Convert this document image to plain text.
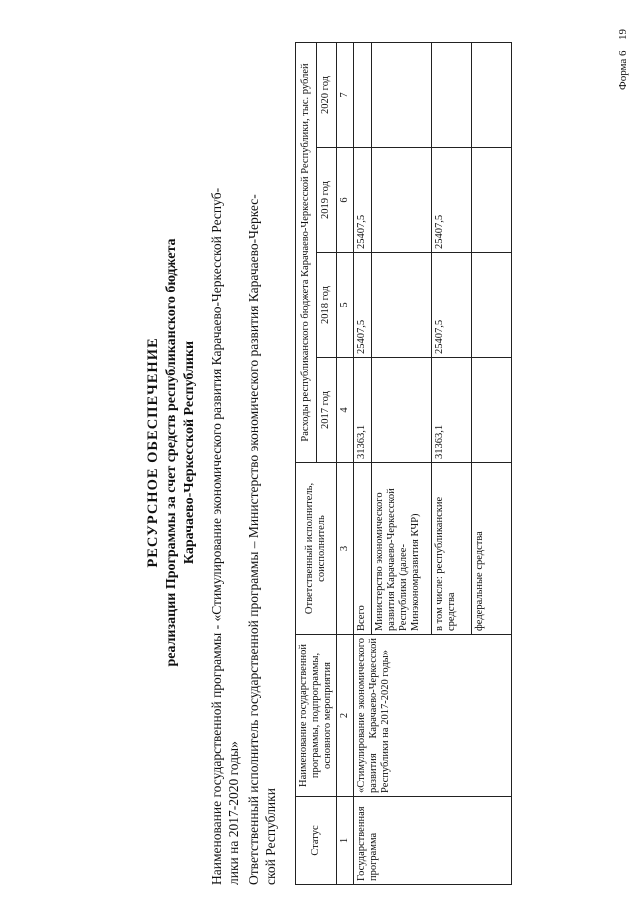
19
Форма 6
РЕСУРСНОЕ ОБЕСПЕЧЕНИЕ реализации Программы за счет средств республиканского бюджета Карачаево-Черкесской Республики Наименование государственной программы - «Стимулирование экономического развития Карачаево-Черкесской Респуб- лики на 2017-2020 годы» Ответственный исполнитель государственной программы – Министерство экономического развития Карачаево-Черкес- ской Республики	Статус	Наименование государственной программы, подпрограммы, основного мероприятия	Ответственный исполнитель, соисполнитель	Расходы республиканского бюджета Карачаево-Черкесской Республики, тыс. рублей			
			2017 год	2018 год	2019 год	2020 год
1	2	3	4	5	6	7
Государственная программа	«Стимулирование экономического развития Карачаево-Черкесской Республики на 2017-2020 годы»	Всего	31363,1	25407,5	25407,5	
		Министерство экономического развития Карачаево-Черкесской Республики (далее- Минэкономразвития КЧР)				
		в том числе: республиканские средства	31363,1	25407,5	25407,5	
		федеральные средства				
